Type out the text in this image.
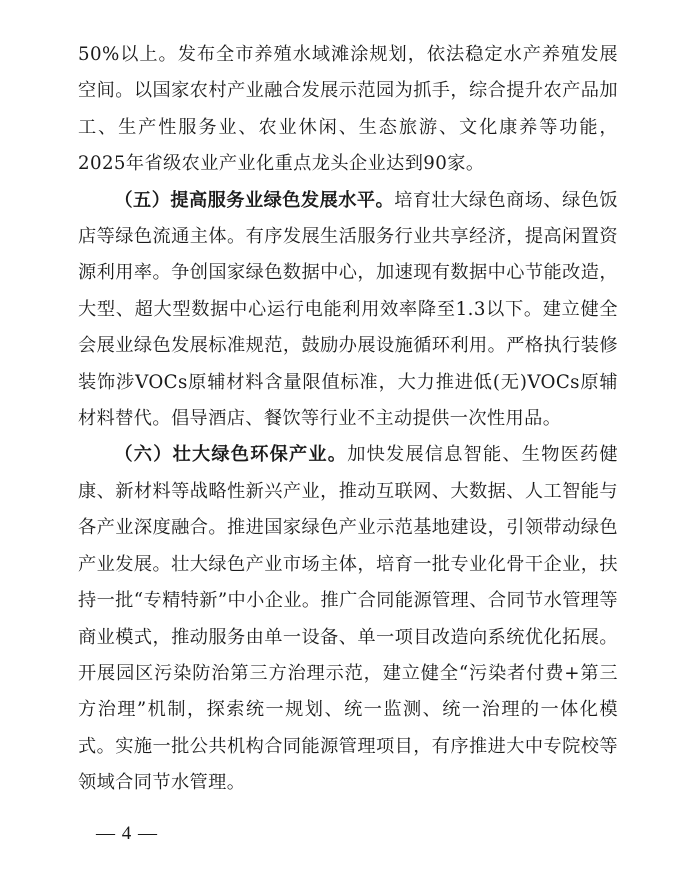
50%以上。发布全市养殖水域滩涂规划，依法稳定水产养殖发展空间。以国家农村产业融合发展示范园为抓手，综合提升农产品加工、生产性服务业、农业休闲、生态旅游、文化康养等功能，2025年省级农业产业化重点龙头企业达到90家。

（五）提高服务业绿色发展水平。培育壮大绿色商场、绿色饭店等绿色流通主体。有序发展生活服务行业共享经济，提高闲置资源利用率。争创国家绿色数据中心，加速现有数据中心节能改造，大型、超大型数据中心运行电能利用效率降至1.3以下。建立健全会展业绿色发展标准规范，鼓励办展设施循环利用。严格执行装修装饰涉VOCs原辅材料含量限值标准，大力推进低(无)VOCs原辅材料替代。倡导酒店、餐饮等行业不主动提供一次性用品。

（六）壮大绿色环保产业。加快发展信息智能、生物医药健康、新材料等战略性新兴产业，推动互联网、大数据、人工智能与各产业深度融合。推进国家绿色产业示范基地建设，引领带动绿色产业发展。壮大绿色产业市场主体，培育一批专业化骨干企业，扶持一批“专精特新”中小企业。推广合同能源管理、合同节水管理等商业模式，推动服务由单一设备、单一项目改造向系统优化拓展。开展园区污染防治第三方治理示范，建立健全“污染者付费+第三方治理”机制，探索统一规划、统一监测、统一治理的一体化模式。实施一批公共机构合同能源管理项目，有序推进大中专院校等领域合同节水管理。

— 4 —
